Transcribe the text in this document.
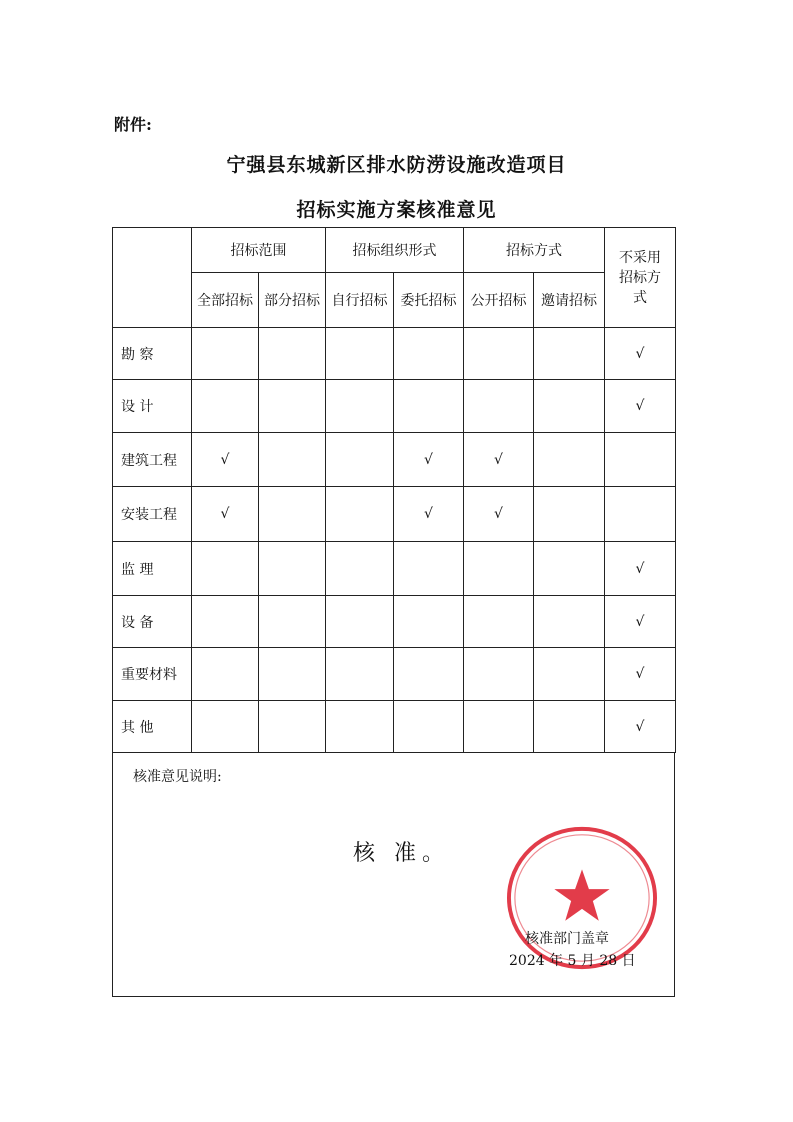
附件:
宁强县东城新区排水防涝设施改造项目
招标实施方案核准意见
	招标范围		招标组织形式		招标方式		不采用招标方式

	全部招标	部分招标	自行招标	委托招标	公开招标	邀请招标	
勘 察							√
设 计							√
建筑工程	√			√	√		
安装工程	√			√	√		
监 理							√
设 备							√
重要材料							√
其 他							√
核准意见说明:
核 准。
核准部门盖章
2024 年 5 月 28 日
